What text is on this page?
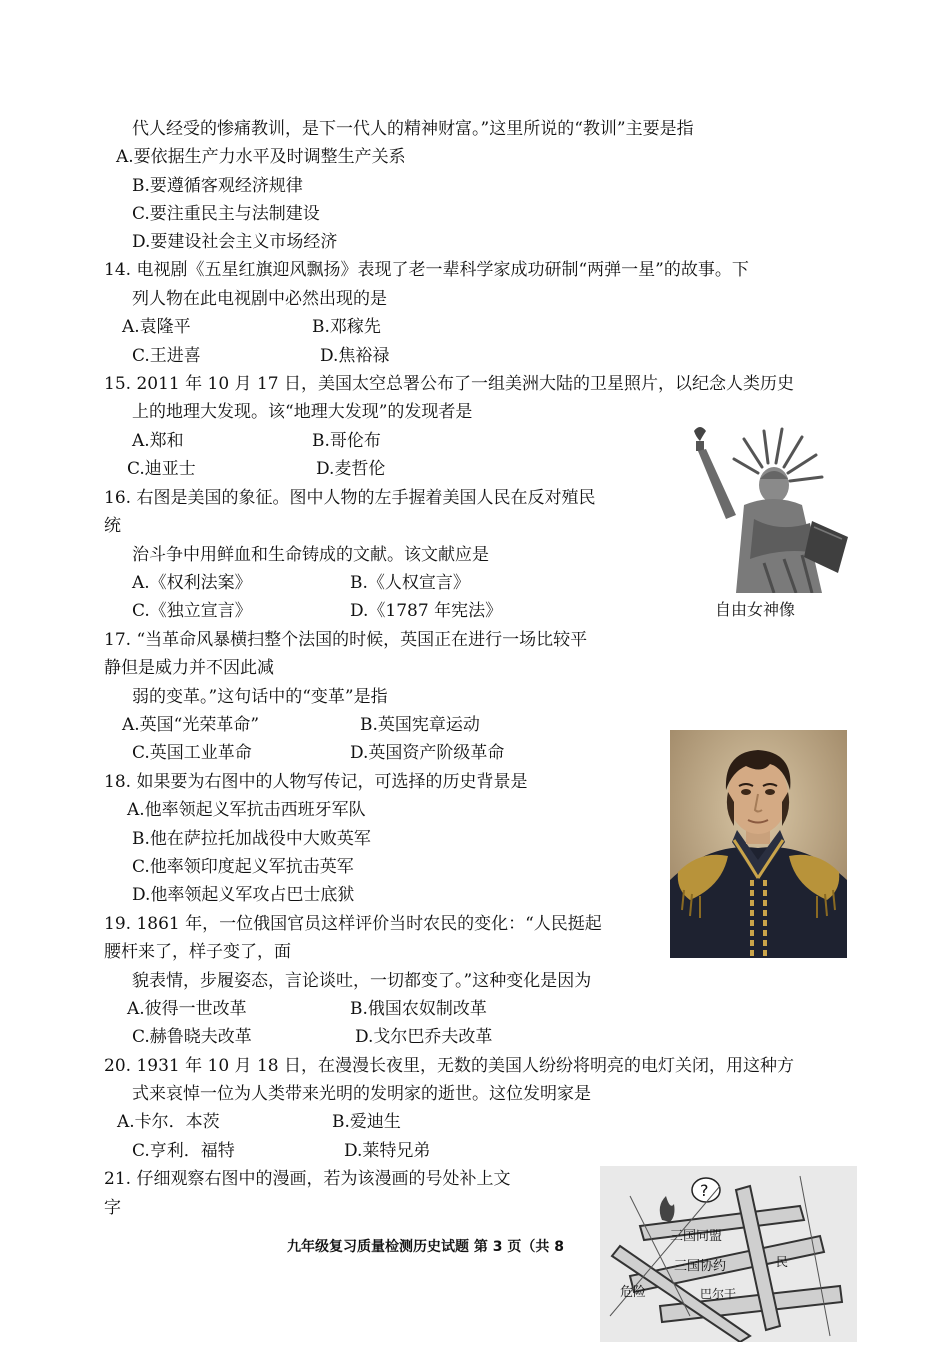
代人经受的惨痛教训，是下一代人的精神财富。”这里所说的“教训”主要是指
A.要依据生产力水平及时调整生产关系
B.要遵循客观经济规律
C.要注重民主与法制建设
D.要建设社会主义市场经济
14. 电视剧《五星红旗迎风飘扬》表现了老一辈科学家成功研制“两弹一星”的故事。下
列人物在此电视剧中必然出现的是
A.袁隆平	B.邓稼先
C.王进喜	D.焦裕禄
15. 2011 年 10 月 17 日，美国太空总署公布了一组美洲大陆的卫星照片，以纪念人类历史
上的地理大发现。该“地理大发现”的发现者是
A.郑和	B.哥伦布
C.迪亚士	D.麦哲伦
自由女神像
16. 右图是美国的象征。图中人物的左手握着美国人民在反对殖民
统
治斗争中用鲜血和生命铸成的文献。该文献应是
A.《权利法案》	B.《人权宣言》
C.《独立宣言》	D.《1787 年宪法》
17. “当革命风暴横扫整个法国的时候，英国正在进行一场比较平
静但是威力并不因此减
弱的变革。”这句话中的“变革”是指
A.英国“光荣革命”	B.英国宪章运动
C.英国工业革命	D.英国资产阶级革命
18. 如果要为右图中的人物写传记，可选择的历史背景是
A.他率领起义军抗击西班牙军队
B.他在萨拉托加战役中大败英军
C.他率领印度起义军抗击英军
D.他率领起义军攻占巴士底狱
19. 1861 年，一位俄国官员这样评价当时农民的变化：“人民挺起
腰杆来了，样子变了，面
貌表情，步履姿态，言论谈吐，一切都变了。”这种变化是因为
A.彼得一世改革	B.俄国农奴制改革
C.赫鲁晓夫改革	D.戈尔巴乔夫改革
20. 1931 年 10 月 18 日，在漫漫长夜里，无数的美国人纷纷将明亮的电灯关闭，用这种方
式来哀悼一位为人类带来光明的发明家的逝世。这位发明家是
A.卡尔．本茨	B.爱迪生
C.亨利．福特	D.莱特兄弟
21. 仔细观察右图中的漫画，若为该漫画的号处补上文
字
?
三国同盟
三国协约	民
危险	巴尔干
九年级复习质量检测历史试题 第 3 页（共 8
